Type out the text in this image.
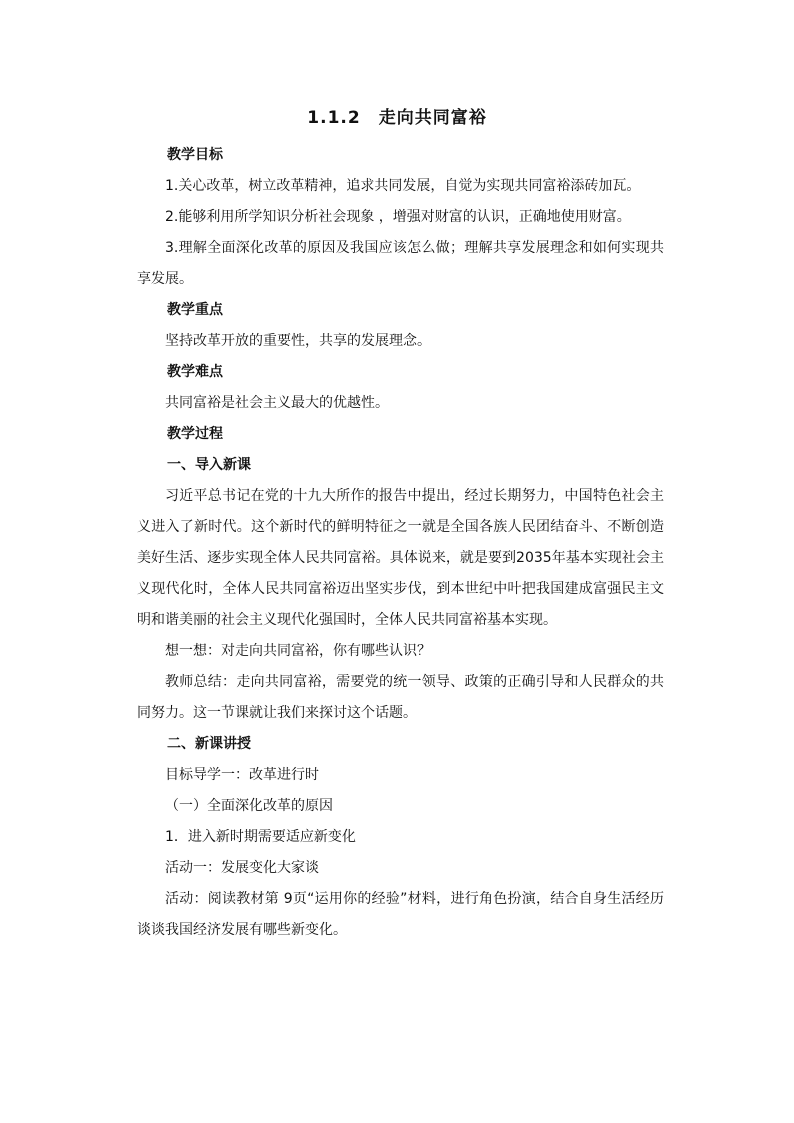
1.1.2　走向共同富裕

教学目标

1.关心改革，树立改革精神，追求共同发展，自觉为实现共同富裕添砖加瓦。

2.能够利用所学知识分析社会现象 ，增强对财富的认识，正确地使用财富。

3.理解全面深化改革的原因及我国应该怎么做；理解共享发展理念和如何实现共享发展。

教学重点

坚持改革开放的重要性，共享的发展理念。

教学难点

共同富裕是社会主义最大的优越性。

教学过程

一、导入新课

习近平总书记在党的十九大所作的报告中提出，经过长期努力，中国特色社会主义进入了新时代。这个新时代的鲜明特征之一就是全国各族人民团结奋斗、不断创造美好生活、逐步实现全体人民共同富裕。具体说来，就是要到2035年基本实现社会主义现代化时，全体人民共同富裕迈出坚实步伐，到本世纪中叶把我国建成富强民主文明和谐美丽的社会主义现代化强国时，全体人民共同富裕基本实现。

想一想：对走向共同富裕，你有哪些认识？

教师总结：走向共同富裕，需要党的统一领导、政策的正确引导和人民群众的共同努力。这一节课就让我们来探讨这个话题。

二、新课讲授

目标导学一：改革进行时

（一）全面深化改革的原因

1．进入新时期需要适应新变化

活动一：发展变化大家谈

活动：阅读教材第 9页“运用你的经验”材料，进行角色扮演，结合自身生活经历谈谈我国经济发展有哪些新变化。
